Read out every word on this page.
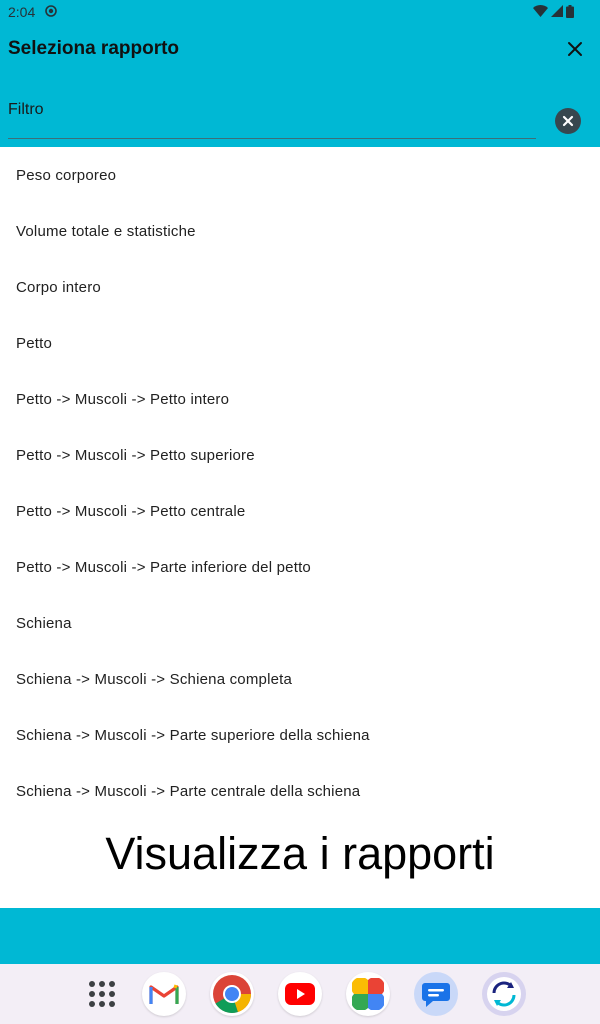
2:04
Seleziona rapporto
Filtro
Peso corporeo
Volume totale e statistiche
Corpo intero
Petto
Petto -> Muscoli -> Petto intero
Petto -> Muscoli -> Petto superiore
Petto -> Muscoli -> Petto centrale
Petto -> Muscoli -> Parte inferiore del petto
Schiena
Schiena -> Muscoli -> Schiena completa
Schiena -> Muscoli -> Parte superiore della schiena
Schiena -> Muscoli -> Parte centrale della schiena
Visualizza i rapporti
